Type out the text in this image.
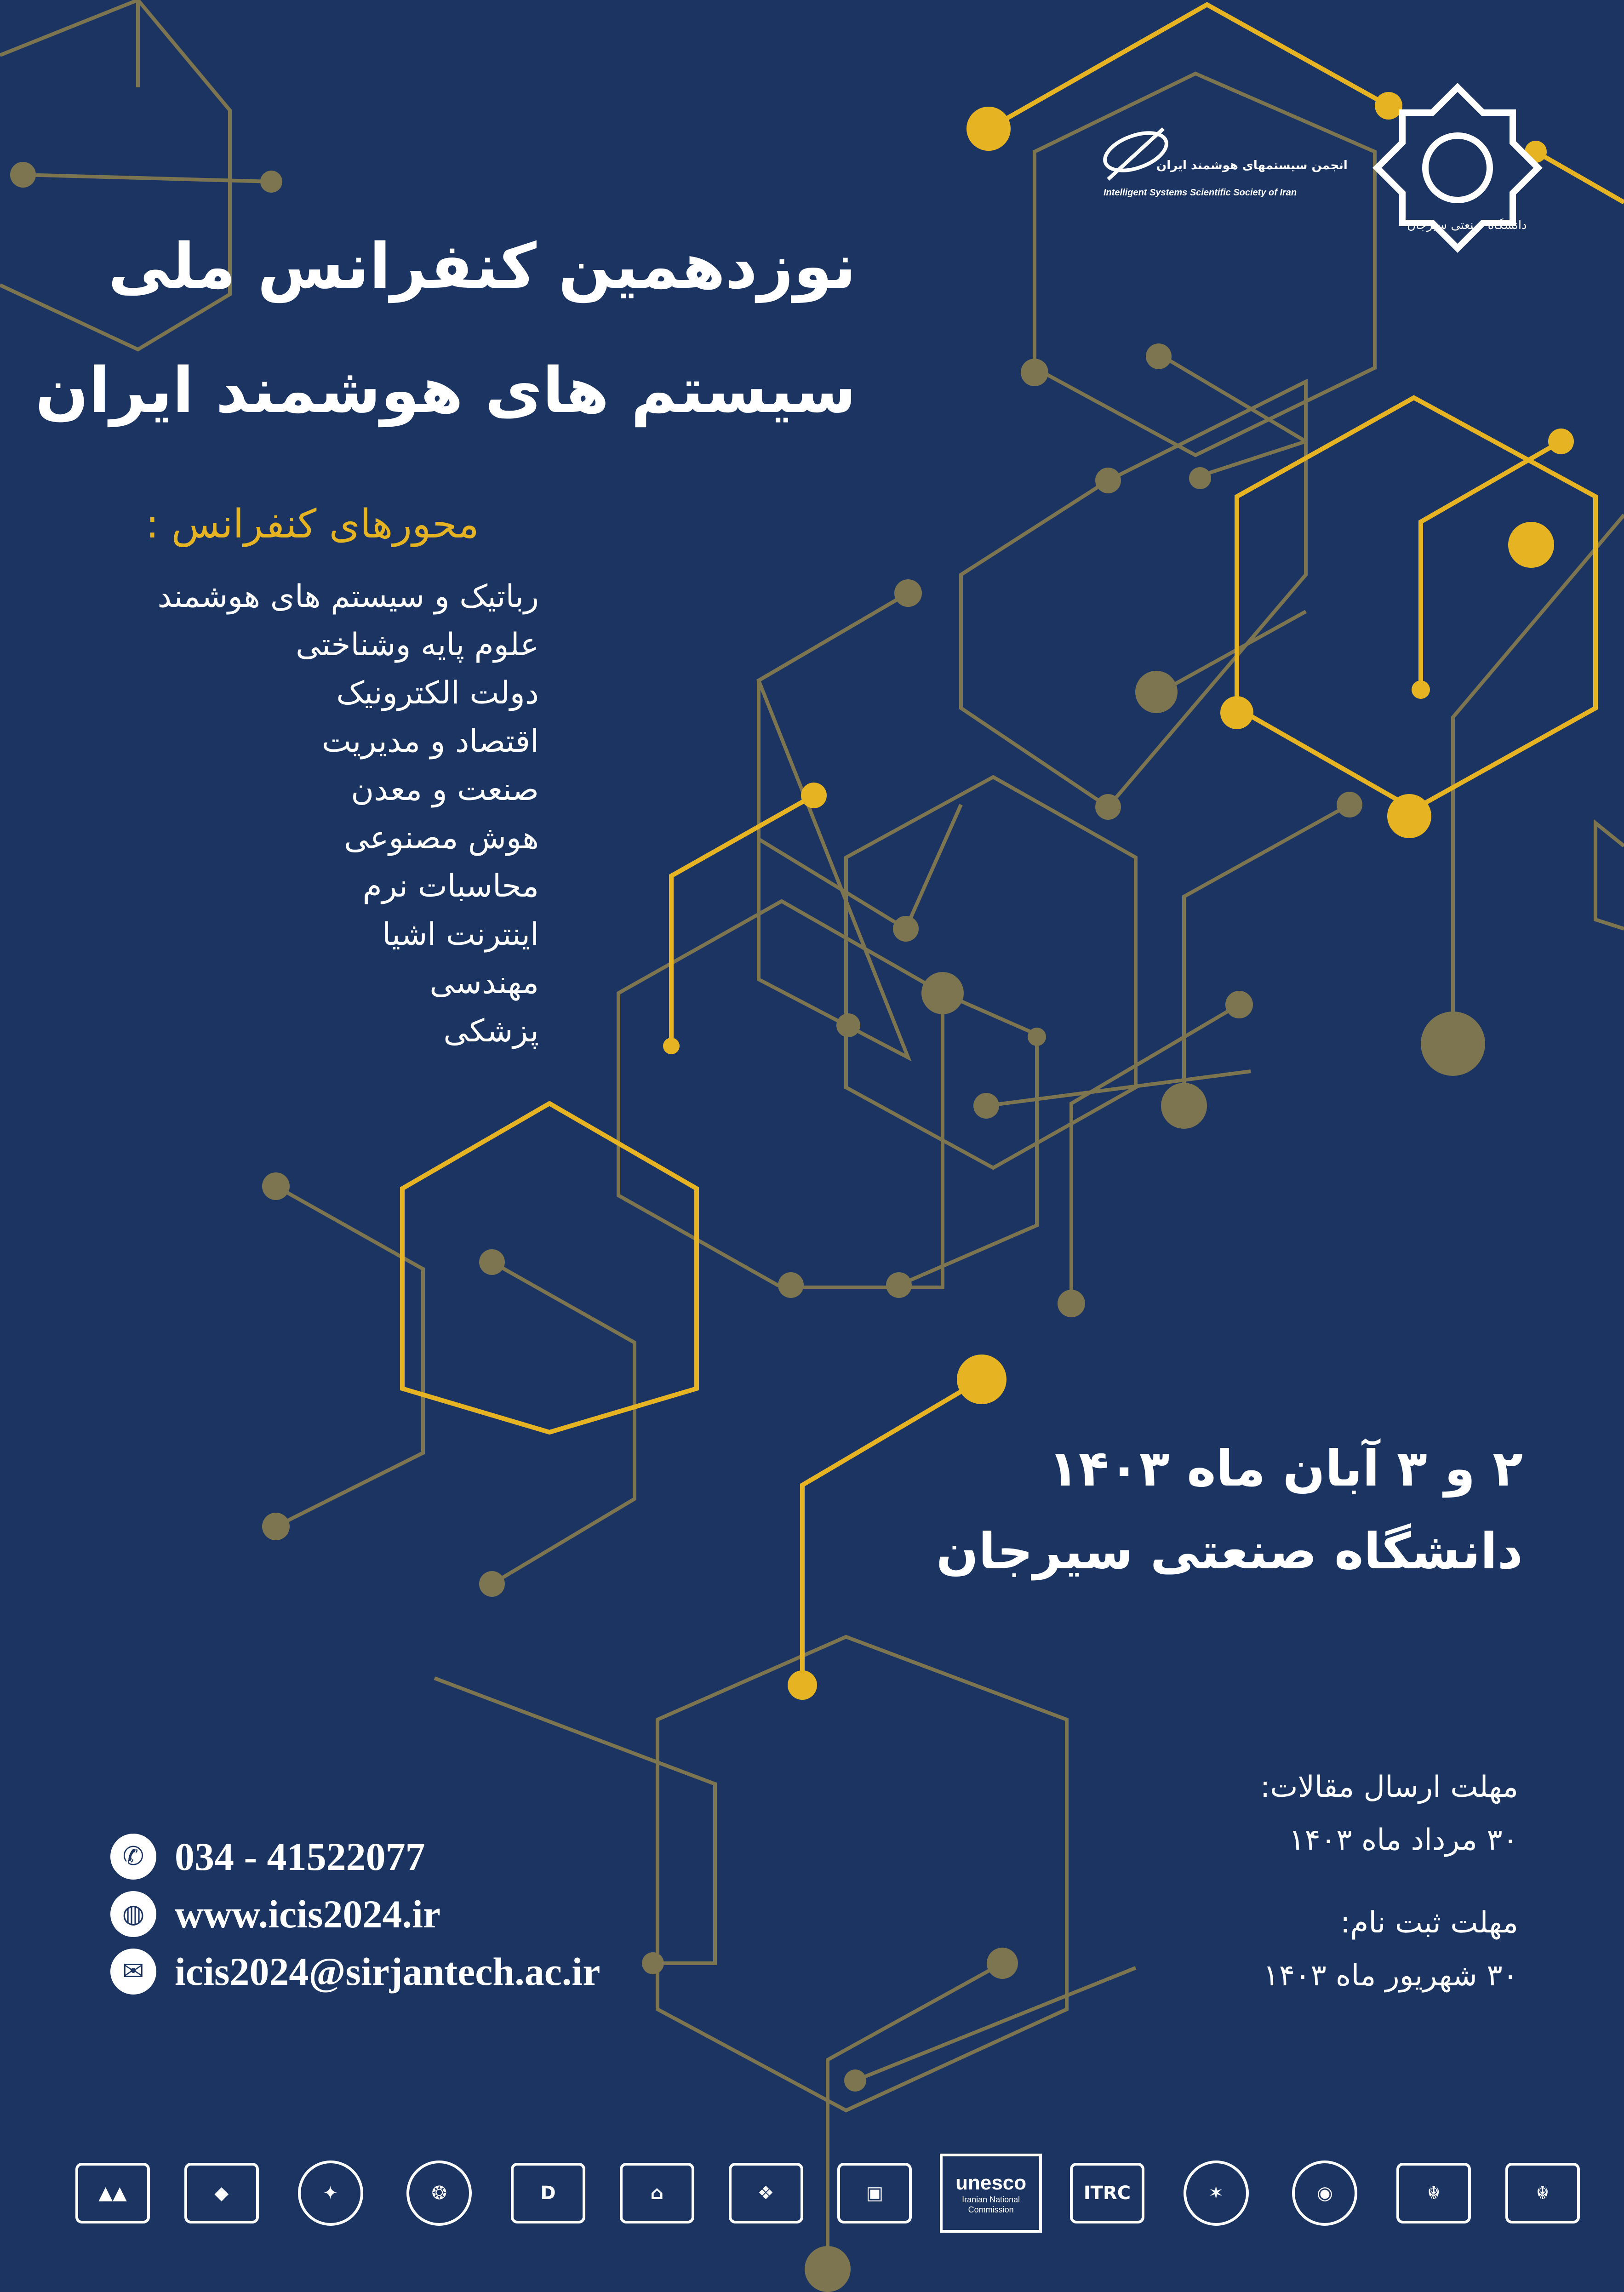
انجمن سیستمهای هوشمند ایران
Intelligent Systems Scientific Society of Iran
دانشگاه صنعتی سیرجان
نوزدهمین کنفرانس ملی
سیستم های هوشمند ایران
محورهای کنفرانس :
رباتیک و سیستم های هوشمند
علوم پایه وشناختی
دولت الکترونیک
اقتصاد و مدیریت
صنعت و معدن
هوش مصنوعی
محاسبات نرم
اینترنت اشیا
مهندسی
پزشکی
۲ و ۳ آبان ماه ۱۴۰۳
دانشگاه صنعتی سیرجان
مهلت ارسال مقالات:
۳۰ مرداد ماه ۱۴۰۳
مهلت ثبت نام:
۳۰ شهریور ماه ۱۴۰۳
✆ 034 - 41522077
◍ www.icis2024.ir
✉ icis2024@sirjantech.ac.ir
▲▲	◆	✦	❂	D	⌂	❖	▣	unesco
Iranian National Commission
ITRC	✶	◉	☬	☬
